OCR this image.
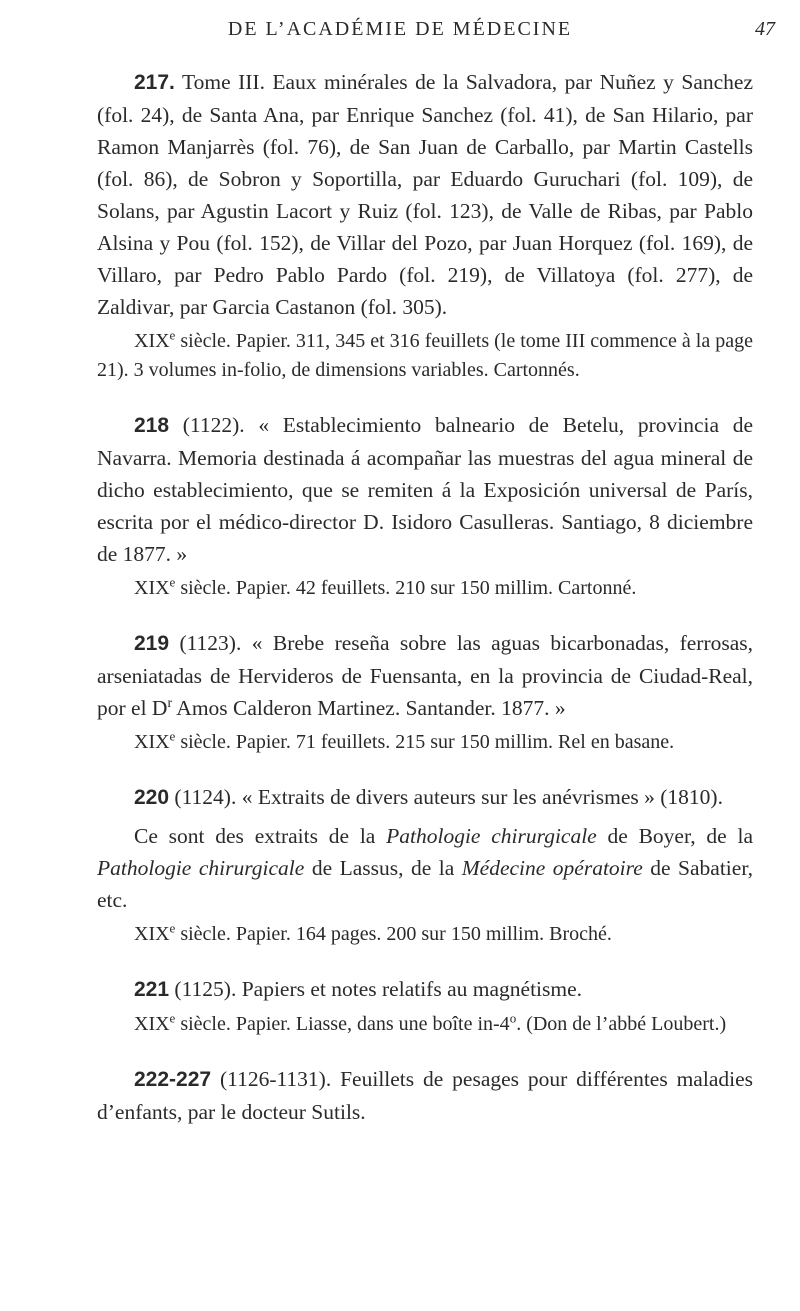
DE L’ACADÉMIE DE MÉDECINE	47

217. Tome III. Eaux minérales de la Salvadora, par Nuñez y Sanchez (fol. 24), de Santa Ana, par Enrique Sanchez (fol. 41), de San Hilario, par Ramon Manjarrès (fol. 76), de San Juan de Carballo, par Martin Castells (fol. 86), de Sobron y Soportilla, par Eduardo Guruchari (fol. 109), de Solans, par Agustin Lacort y Ruiz (fol. 123), de Valle de Ribas, par Pablo Alsina y Pou (fol. 152), de Villar del Pozo, par Juan Horquez (fol. 169), de Villaro, par Pedro Pablo Pardo (fol. 219), de Villatoya (fol. 277), de Zaldivar, par Garcia Castanon (fol. 305).

XIXe siècle. Papier. 311, 345 et 316 feuillets (le tome III commence à la page 21). 3 volumes in-folio, de dimensions variables. Cartonnés.

218 (1122). « Establecimiento balneario de Betelu, provincia de Navarra. Memoria destinada á acompañar las muestras del agua mineral de dicho establecimiento, que se remiten á la Exposición universal de París, escrita por el médico-director D. Isidoro Casulleras. Santiago, 8 diciembre de 1877. »

XIXe siècle. Papier. 42 feuillets. 210 sur 150 millim. Cartonné.

219 (1123). « Brebe reseña sobre las aguas bicarbonadas, ferrosas, arseniatadas de Hervideros de Fuensanta, en la provincia de Ciudad-Real, por el $D^r$ Amos Calderon Martinez. Santander. 1877. »

XIXe siècle. Papier. 71 feuillets. 215 sur 150 millim. Rel en basane.

220 (1124). « Extraits de divers auteurs sur les anévrismes » (1810).

Ce sont des extraits de la Pathologie chirurgicale de Boyer, de la Pathologie chirurgicale de Lassus, de la Médecine opératoire de Sabatier, etc.

XIXe siècle. Papier. 164 pages. 200 sur 150 millim. Broché.

221 (1125). Papiers et notes relatifs au magnétisme.

XIXe siècle. Papier. Liasse, dans une boîte in-4$^o$. (Don de l’abbé Loubert.)

222-227 (1126-1131). Feuillets de pesages pour différentes maladies d’enfants, par le docteur Sutils.
